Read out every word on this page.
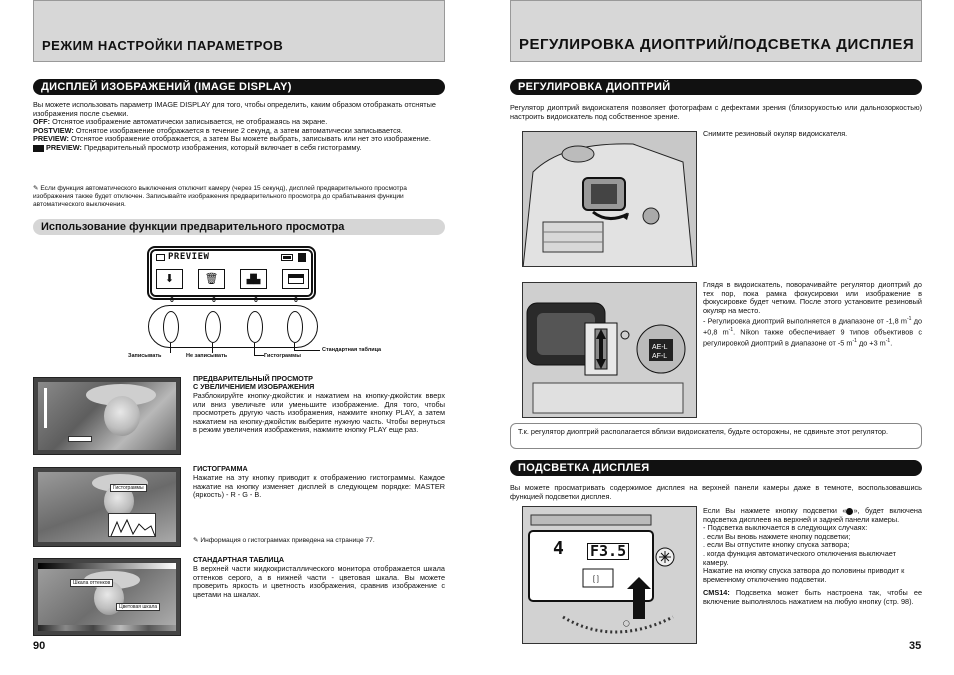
РЕЖИМ НАСТРОЙКИ ПАРАМЕТРОВ
ДИСПЛЕЙ ИЗОБРАЖЕНИЙ (IMAGE DISPLAY)
Вы можете использовать параметр IMAGE DISPLAY для того, чтобы определить, каким образом отображать отснятые изображения после съемки.
OFF: Отснятое изображение автоматически записывается, не отображаясь на экране.
POSTVIEW: Отснятое изображение отображается в течение 2 секунд, а затем автоматически записывается.
PREVIEW: Отснятое изображение отображается, а затем Вы можете выбрать, записывать или нет это изображение.
PREVIEW: Предварительный просмотр изображения, который включает в себя гистограмму.
✎ Если функция автоматического выключения отключит камеру (через 15 секунд), дисплей предварительного просмотра изображения также будет отключен. Записывайте изображения предварительного просмотра до срабатывания функции автоматического выключения.
Использование функции предварительного просмотра
PREVIEW
⬇	🗑	▟▙
0	0	0	0
Записывать	Не записывать	Гистограммы
Стандартная таблица
ПРЕДВАРИТЕЛЬНЫЙ ПРОСМОТР
С УВЕЛИЧЕНИЕМ ИЗОБРАЖЕНИЯ
Разблокируйте кнопку-джойстик и нажатием на кнопку-джойстик вверх или вниз увеличьте или уменьшите изображение. Для того, чтобы просмотреть другую часть изображения, нажмите кнопку PLAY, а затем нажатием на кнопку-джойстик выберите нужную часть. Чтобы вернуться в режим увеличения изображения, нажмите кнопку PLAY еще раз.
Гистограммы
ГИСТОГРАММА
Нажатие на эту кнопку приводит к отображению гистограммы. Каждое нажатие на кнопку изменяет дисплей в следующем порядке: MASTER (яркость) - R - G - B.
✎ Информация о гистограммах приведена на странице 77.
Шкала оттенков
Цветовая шкала
СТАНДАРТНАЯ ТАБЛИЦА
В верхней части жидкокристаллического монитора отображается шкала оттенков серого, а в нижней части - цветовая шкала. Вы можете проверить яркость и цветность изображения, сравнив изображение с цветами на шкалах.
90
РЕГУЛИРОВКА ДИОПТРИЙ/ПОДСВЕТКА ДИСПЛЕЯ
РЕГУЛИРОВКА ДИОПТРИЙ
Регулятор диоптрий видоискателя позволяет фотографам с дефектами зрения (близорукостью или дальнозоркостью) настроить видоискатель под собственное зрение.
Снимите резиновый окуляр видоискателя.
AE-L
AF-L
Глядя в видоискатель, поворачивайте регулятор диоптрий до тех пор, пока рамка фокусировки или изображение в фокусировке будет четким. После этого установите резиновый окуляр на место.
- Регулировка диоптрий выполняется в диапазоне от -1,8 $m^{-1}$ до +0,8 $m^{-1}$. Nikon также обеспечивает 9 типов объективов с регулировкой диоптрий в диапазоне от -5 $m^{-1}$ до +3 $m^{-1}$.
Т.к. регулятор диоптрий располагается вблизи видоискателя, будьте осторожны, не сдвиньте этот регулятор.
ПОДСВЕТКА ДИСПЛЕЯ
Вы можете просматривать содержимое дисплея на верхней панели камеры даже в темноте, воспользовавшись функцией подсветки дисплея.
◯
[ ]
4 F3.5
Если Вы нажмете кнопку подсветки « », будет включена подсветка дисплеев на верхней и задней панели камеры.
- Подсветка выключается в следующих случаях:
. если Вы вновь нажмете кнопку подсветки;
. если Вы отпустите кнопку спуска затвора;
. когда функция автоматического отключения выключает камеру.
Нажатие на кнопку спуска затвора до половины приводит к временному отключению подсветки.
CMS14: Подсветка может быть настроена так, чтобы ее включение выполнялось нажатием на любую кнопку (стр. 98).
35
